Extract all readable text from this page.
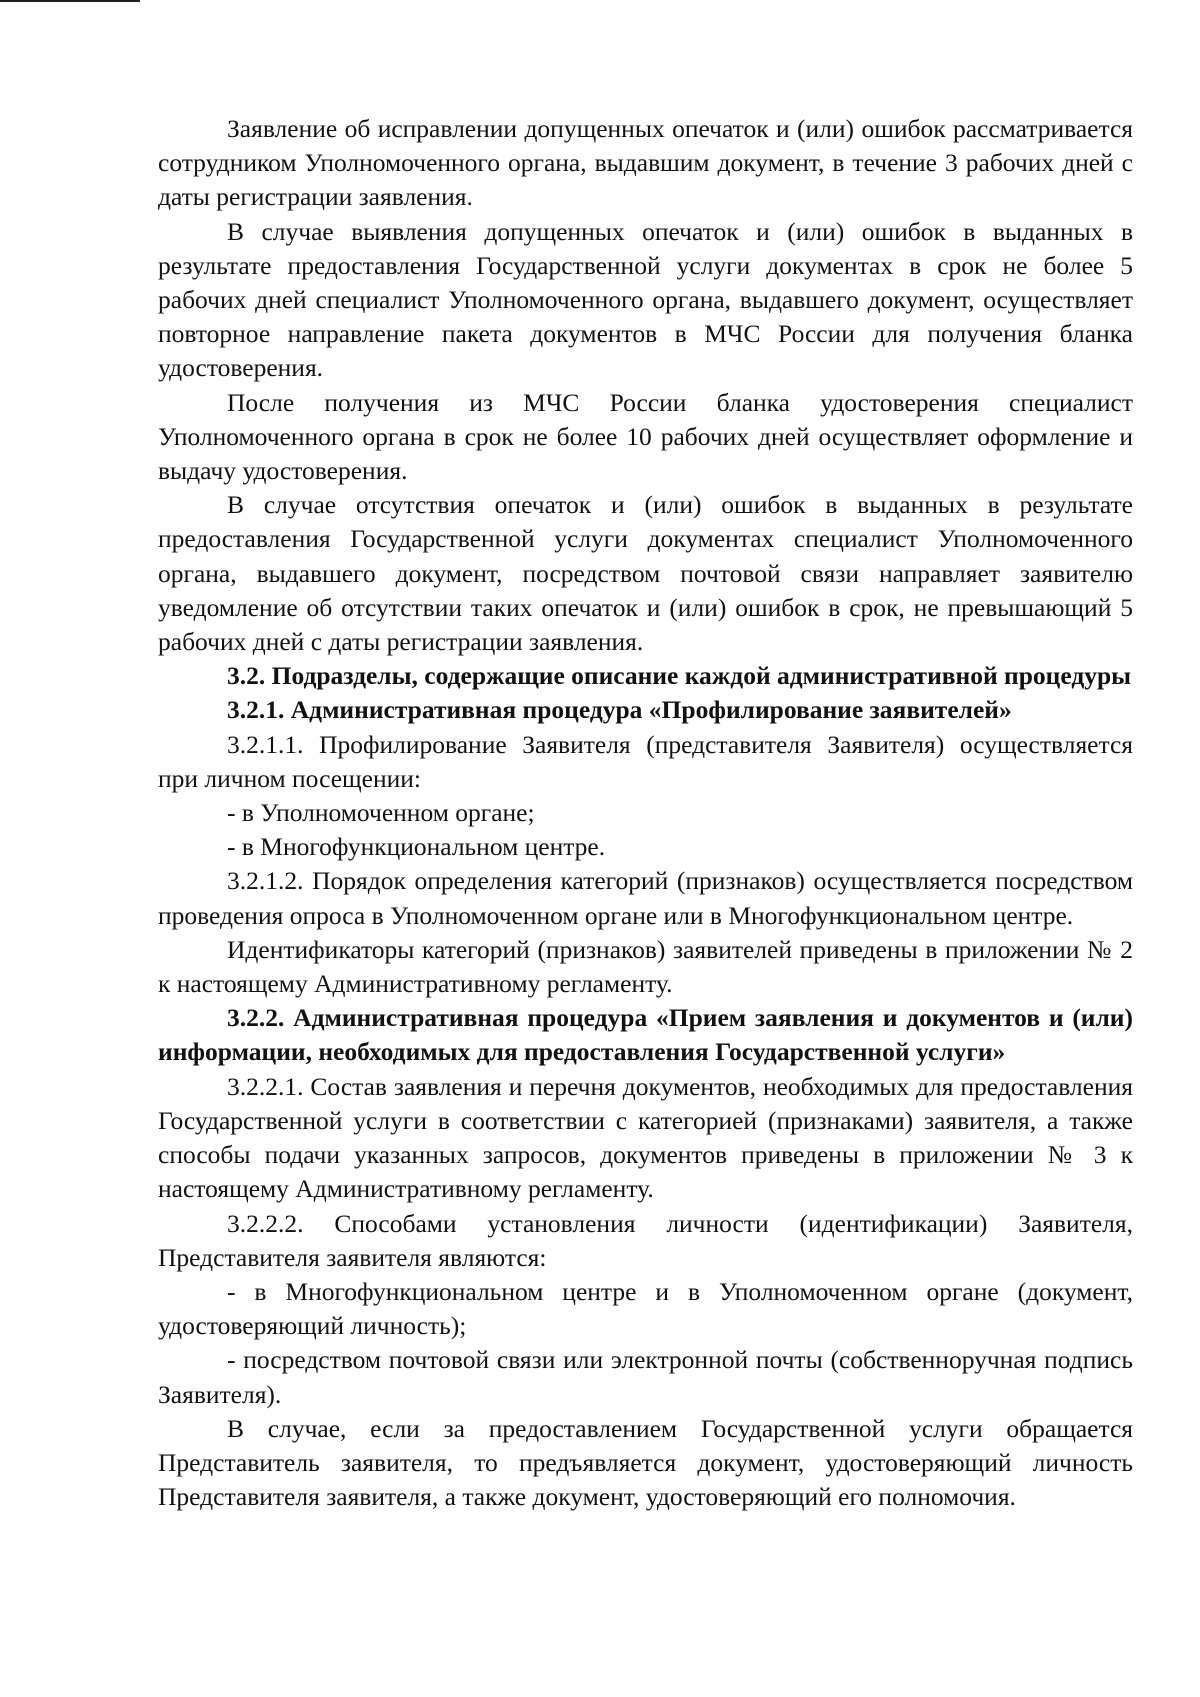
Заявление об исправлении допущенных опечаток и (или) ошибок рассматривается сотрудником Уполномоченного органа, выдавшим документ, в течение 3 рабочих дней с даты регистрации заявления.

В случае выявления допущенных опечаток и (или) ошибок в выданных в результате предоставления Государственной услуги документах в срок не более 5 рабочих дней специалист Уполномоченного органа, выдавшего документ, осуществляет повторное направление пакета документов в МЧС России для получения бланка удостоверения.

После получения из МЧС России бланка удостоверения специалист Уполномоченного органа в срок не более 10 рабочих дней осуществляет оформление и выдачу удостоверения.

В случае отсутствия опечаток и (или) ошибок в выданных в результате предоставления Государственной услуги документах специалист Уполномоченного органа, выдавшего документ, посредством почтовой связи направляет заявителю уведомление об отсутствии таких опечаток и (или) ошибок в срок, не превышающий 5 рабочих дней с даты регистрации заявления.

3.2. Подразделы, содержащие описание каждой административной процедуры

3.2.1. Административная процедура «Профилирование заявителей»

3.2.1.1. Профилирование Заявителя (представителя Заявителя) осуществляется при личном посещении:

- в Уполномоченном органе;

- в Многофункциональном центре.

3.2.1.2. Порядок определения категорий (признаков) осуществляется посредством проведения опроса в Уполномоченном органе или в Многофункциональном центре.

Идентификаторы категорий (признаков) заявителей приведены в приложении № 2 к настоящему Административному регламенту.

3.2.2. Административная процедура «Прием заявления и документов и (или) информации, необходимых для предоставления Государственной услуги»

3.2.2.1. Состав заявления и перечня документов, необходимых для предоставления Государственной услуги в соответствии с категорией (признаками) заявителя, а также способы подачи указанных запросов, документов приведены в приложении № 3 к настоящему Административному регламенту.

3.2.2.2. Способами установления личности (идентификации) Заявителя, Представителя заявителя являются:

- в Многофункциональном центре и в Уполномоченном органе (документ, удостоверяющий личность);

- посредством почтовой связи или электронной почты (собственноручная подпись Заявителя).

В случае, если за предоставлением Государственной услуги обращается Представитель заявителя, то предъявляется документ, удостоверяющий личность Представителя заявителя, а также документ, удостоверяющий его полномочия.
